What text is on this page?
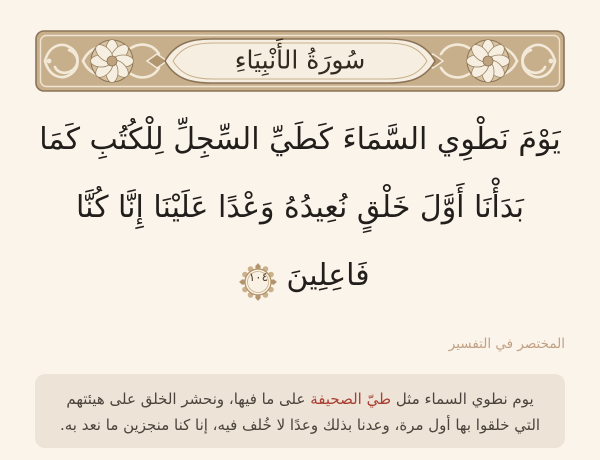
سُورَةُ الأَنْبِيَاءِ
يَوْمَ نَطْوِي السَّمَاءَ كَطَيِّ السِّجِلِّ لِلْكُتُبِ كَمَا
بَدَأْنَا أَوَّلَ خَلْقٍ نُعِيدُهُ وَعْدًا عَلَيْنَا إِنَّا كُنَّا
فَاعِلِينَ
١٠٤
المختصر في التفسير

يوم نطوي السماء مثل طيّ الصحيفة على ما فيها، ونحشر الخلق على هيئتهم التي خلقوا بها أول مرة، وعدنا بذلك وعدًا لا خُلف فيه، إنا كنا منجزين ما نعد به.
